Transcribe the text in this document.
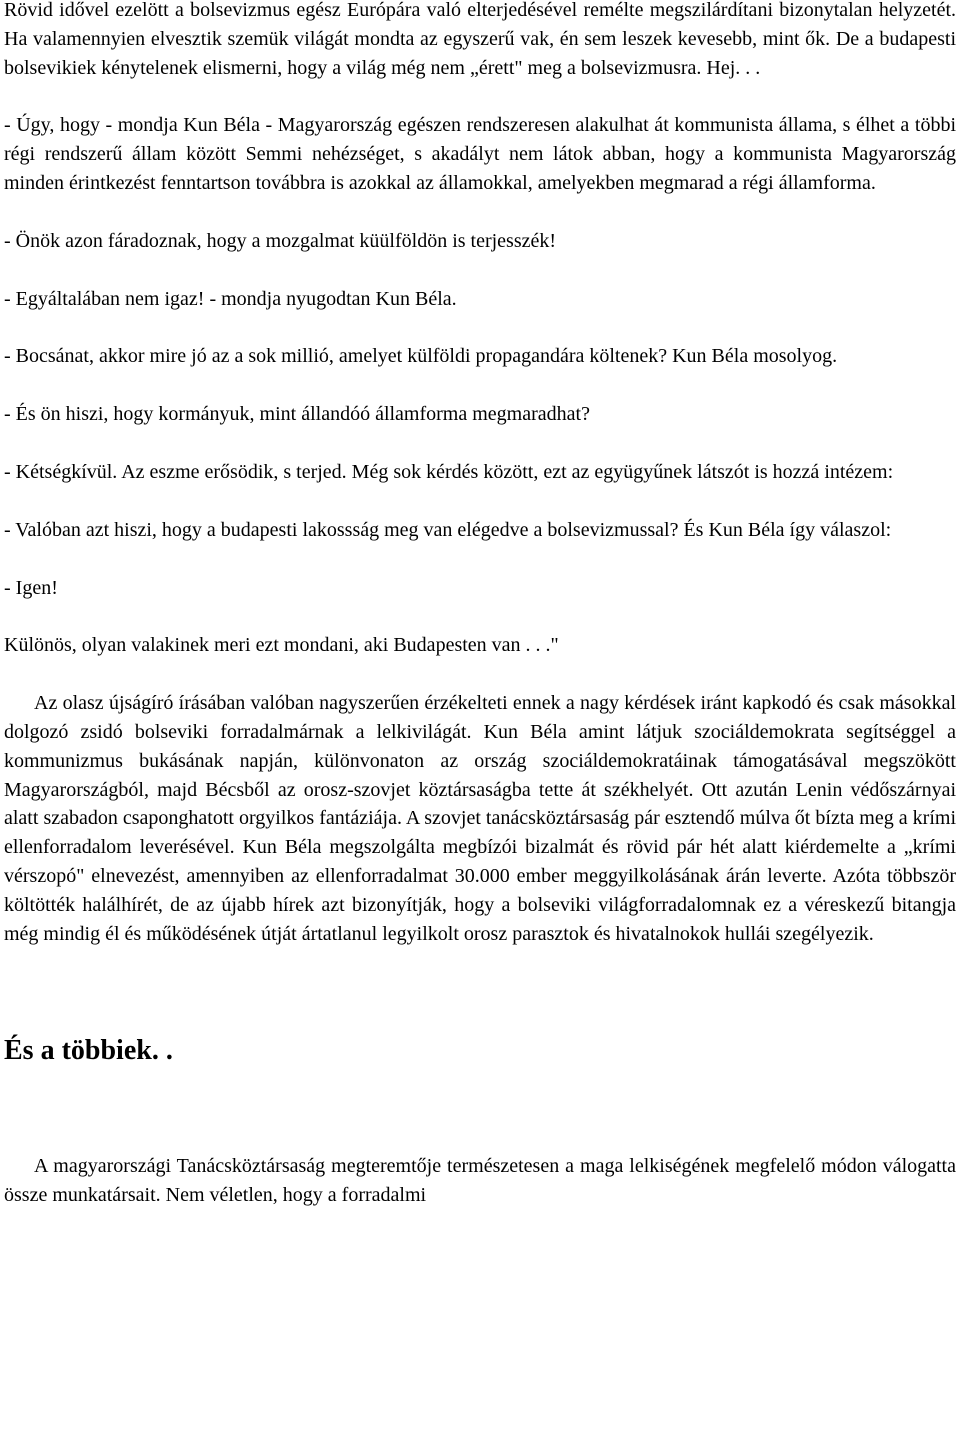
Rövid idővel ezelött a bolsevizmus egész Európára való elterjedésével remélte megszilárdítani bizonytalan helyzetét. Ha valamennyien elvesztik szemük világát mondta az egyszerű vak, én sem leszek kevesebb, mint ők. De a budapesti bolsevikiek kénytelenek elismerni, hogy a világ még nem „érett" meg a bolsevizmusra. Hej. . .

- Úgy, hogy - mondja Kun Béla - Magyarország egészen rendszeresen alakulhat át kommunista állama, s élhet a többi régi rendszerű állam között Semmi nehézséget, s akadályt nem látok abban, hogy a kommunista Magyarország minden érintkezést fenntartson továbbra is azokkal az államokkal, amelyekben megmarad a régi államforma.

- Önök azon fáradoznak, hogy a mozgalmat küülföldön is terjesszék!

- Egyáltalában nem igaz! - mondja nyugodtan Kun Béla.

- Bocsánat, akkor mire jó az a sok millió, amelyet külföldi propagandára költenek? Kun Béla mosolyog.

- És ön hiszi, hogy kormányuk, mint állandóó államforma megmaradhat?

- Kétségkívül. Az eszme erősödik, s terjed. Még sok kérdés között, ezt az együgyűnek látszót is hozzá intézem:

- Valóban azt hiszi, hogy a budapesti lakossság meg van elégedve a bolsevizmussal? És Kun Béla így válaszol:

- Igen!

Különös, olyan valakinek meri ezt mondani, aki Budapesten van . . ."

Az olasz újságíró írásában valóban nagyszerűen érzékelteti ennek a nagy kérdések iránt kapkodó és csak másokkal dolgozó zsidó bolseviki forradalmárnak a lelkivilágát. Kun Béla amint látjuk szociáldemokrata segítséggel a kommunizmus bukásának napján, különvonaton az ország szociáldemokratáinak támogatásával megszökött Magyarországból, majd Bécsből az orosz-szovjet köztársaságba tette át székhelyét. Ott azután Lenin védőszárnyai alatt szabadon csaponghatott orgyilkos fantáziája. A szovjet tanácsköztársaság pár esztendő múlva őt bízta meg a krími ellenforradalom leverésével. Kun Béla megszolgálta megbízói bizalmát és rövid pár hét alatt kiérdemelte a „krími vérszopó" elnevezést, amennyiben az ellenforradalmat 30.000 ember meggyilkolásának árán leverte. Azóta többször költötték halálhírét, de az újabb hírek azt bizonyítják, hogy a bolseviki világforradalomnak ez a véreskezű bitangja még mindig él és működésének útját ártatlanul legyilkolt orosz parasztok és hivatalnokok hullái szegélyezik.

És a többiek. .

A magyarországi Tanácsköztársaság megteremtője természetesen a maga lelkiségének megfelelő módon válogatta össze munkatársait. Nem véletlen, hogy a forradalmi
